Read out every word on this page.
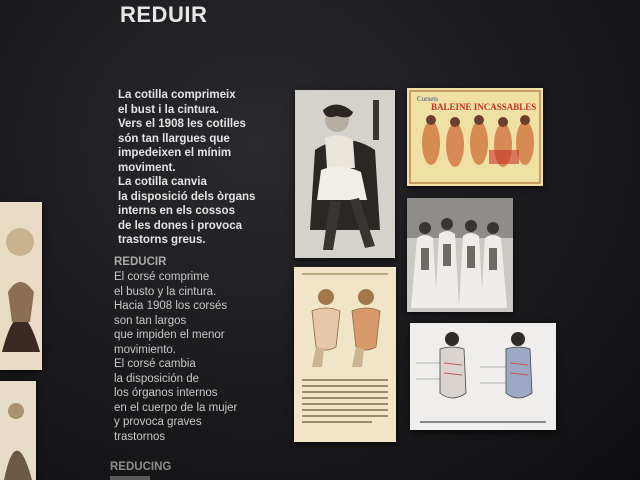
REDUIR
La cotilla comprimeix
el bust i la cintura.
Vers el 1908 les cotilles
són tan llargues que
impedeixen el mínim
moviment.
La cotilla canvia
la disposició dels òrgans
interns en els cossos
de les dones i provoca
trastorns greus.
REDUCIR
El corsé comprime
el busto y la cintura.
Hacia 1908 los corsés
son tan largos
que impiden el menor
movimiento.
El corsé cambia
la disposición de
los órganos internos
en el cuerpo de la mujer
y provoca graves
trastornos
REDUCING
Corsets
BALEINE INCASSABLES
